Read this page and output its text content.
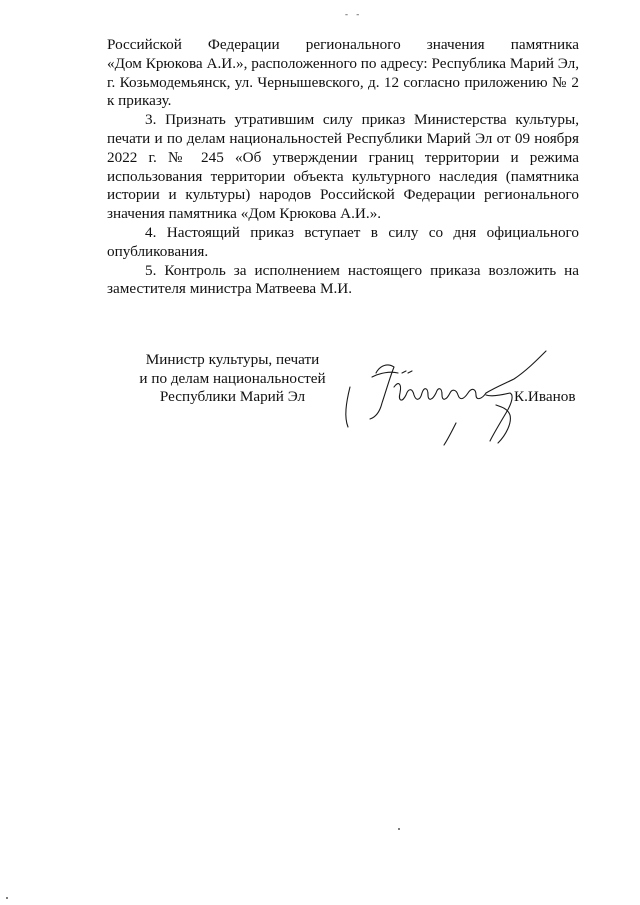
- -

Российской Федерации регионального значения памятника

«Дом Крюкова А.И.», расположенного по адресу: Республика Марий Эл, г. Козьмодемьянск, ул. Чернышевского, д. 12 согласно приложению № 2 к приказу.

3. Признать утратившим силу приказ Министерства культуры, печати и по делам национальностей Республики Марий Эл от 09 ноября 2022 г. № 245 «Об утверждении границ территории и режима использования территории объекта культурного наследия (памятника истории и культуры) народов Российской Федерации регионального значения памятника «Дом Крюкова А.И.».

4. Настоящий приказ вступает в силу со дня официального опубликования.

5. Контроль за исполнением настоящего приказа возложить на заместителя министра Матвеева М.И.

Министр культуры, печати
и по делам национальностей
Республики Марий Эл	К.Иванов
